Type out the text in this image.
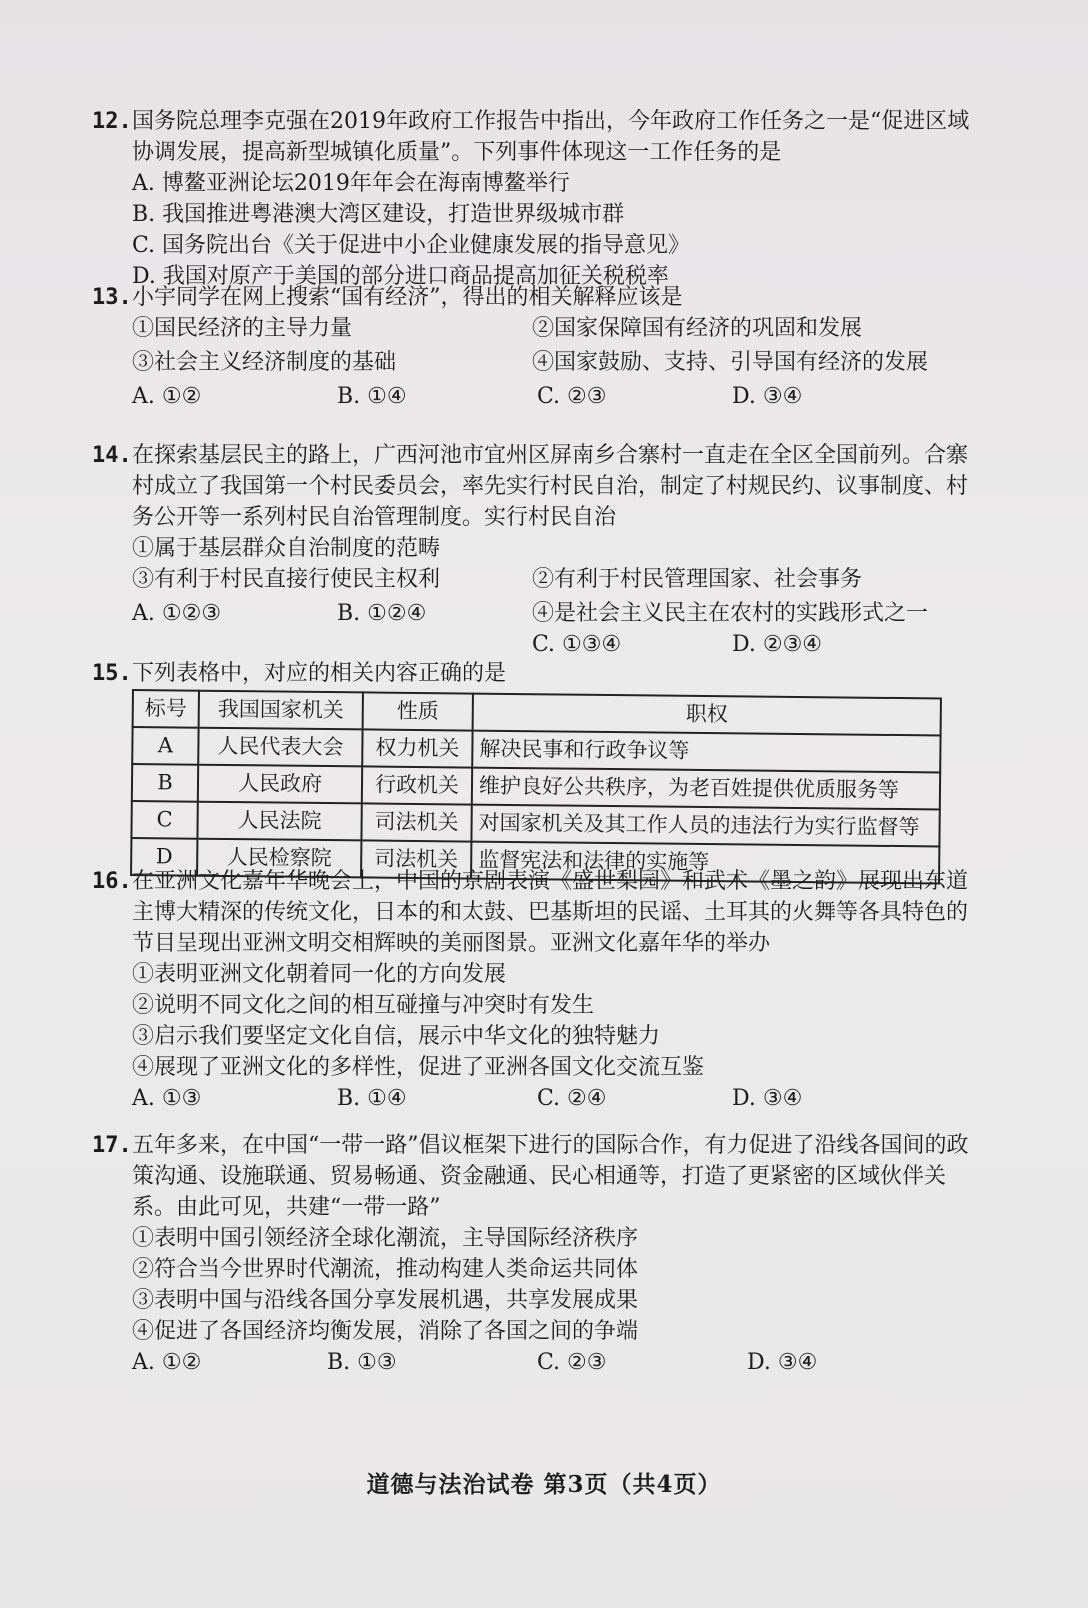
12. 国务院总理李克强在2019年政府工作报告中指出，今年政府工作任务之一是“促进区域协调发展，提高新型城镇化质量”。下列事件体现这一工作任务的是
A. 博鳌亚洲论坛2019年年会在海南博鳌举行
B. 我国推进粤港澳大湾区建设，打造世界级城市群
C. 国务院出台《关于促进中小企业健康发展的指导意见》
D. 我国对原产于美国的部分进口商品提高加征关税税率
13. 小宇同学在网上搜索“国有经济”，得出的相关解释应该是
①国民经济的主导力量	②国家保障国有经济的巩固和发展
③社会主义经济制度的基础	④国家鼓励、支持、引导国有经济的发展
A. ①②	B. ①④	C. ②③	D. ③④
14. 在探索基层民主的路上，广西河池市宜州区屏南乡合寨村一直走在全区全国前列。合寨村成立了我国第一个村民委员会，率先实行村民自治，制定了村规民约、议事制度、村务公开等一系列村民自治管理制度。实行村民自治
①属于基层群众自治制度的范畴
③有利于村民直接行使民主权利	②有利于村民管理国家、社会事务
A. ①②③	B. ①②④	④是社会主义民主在农村的实践形式之一
C. ①③④	D. ②③④
15. 下列表格中，对应的相关内容正确的是
标号	我国国家机关	性质	职权
A	人民代表大会	权力机关	解决民事和行政争议等
B	人民政府	行政机关	维护良好公共秩序，为老百姓提供优质服务等
C	人民法院	司法机关	对国家机关及其工作人员的违法行为实行监督等
D	人民检察院	司法机关	监督宪法和法律的实施等
16. 在亚洲文化嘉年华晚会上，中国的京剧表演《盛世梨园》和武术《墨之韵》展现出东道主博大精深的传统文化，日本的和太鼓、巴基斯坦的民谣、土耳其的火舞等各具特色的节目呈现出亚洲文明交相辉映的美丽图景。亚洲文化嘉年华的举办
①表明亚洲文化朝着同一化的方向发展
②说明不同文化之间的相互碰撞与冲突时有发生
③启示我们要坚定文化自信，展示中华文化的独特魅力
④展现了亚洲文化的多样性，促进了亚洲各国文化交流互鉴
A. ①③	B. ①④	C. ②④	D. ③④
17. 五年多来，在中国“一带一路”倡议框架下进行的国际合作，有力促进了沿线各国间的政策沟通、设施联通、贸易畅通、资金融通、民心相通等，打造了更紧密的区域伙伴关系。由此可见，共建“一带一路”
①表明中国引领经济全球化潮流，主导国际经济秩序
②符合当今世界时代潮流，推动构建人类命运共同体
③表明中国与沿线各国分享发展机遇，共享发展成果
④促进了各国经济均衡发展，消除了各国之间的争端
A. ①②	B. ①③	C. ②③	D. ③④
道德与法治试卷 第3页（共4页）
